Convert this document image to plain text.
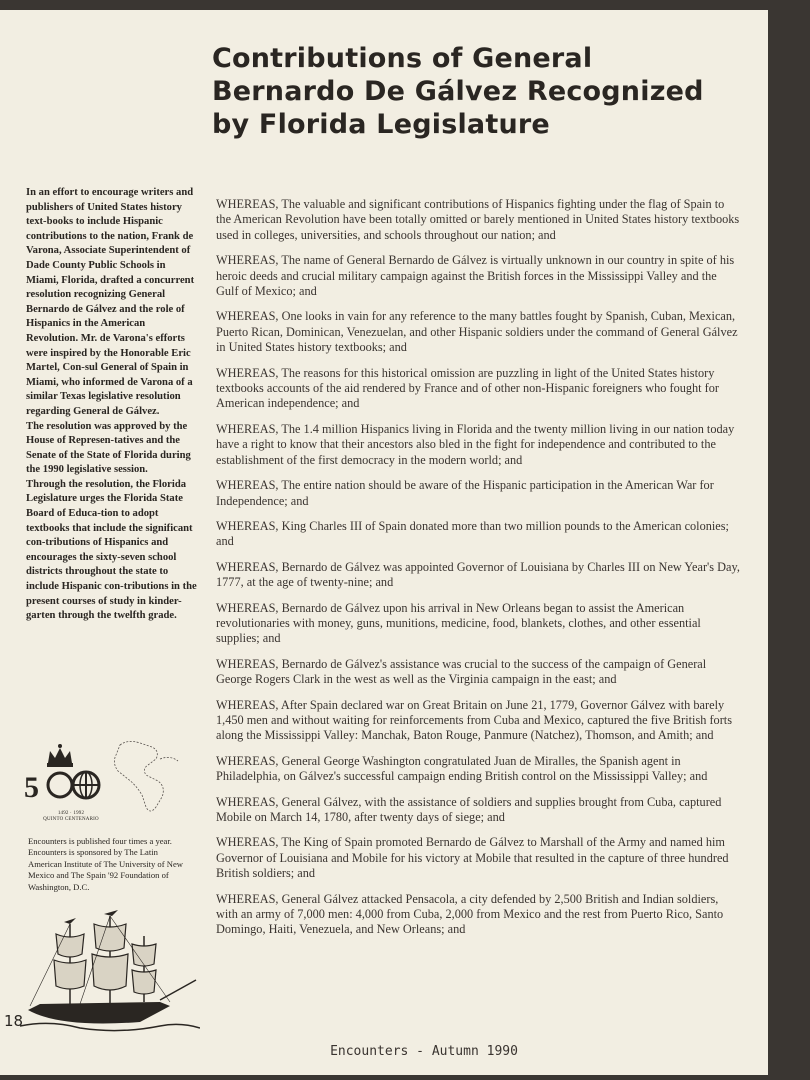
Contributions of General
Bernardo De Gálvez Recognized
by Florida Legislature

In an effort to encourage writers and publishers of United States history text-books to include Hispanic contributions to the nation, Frank de Varona, Associate Superintendent of Dade County Public Schools in Miami, Florida, drafted a concurrent resolution recognizing General Bernardo de Gálvez and the role of Hispanics in the American Revolution. Mr. de Varona's efforts were inspired by the Honorable Eric Martel, Con-sul General of Spain in Miami, who informed de Varona of a similar Texas legislative resolution regarding General de Gálvez.

The resolution was approved by the House of Represen-tatives and the Senate of the State of Florida during the 1990 legislative session.

Through the resolution, the Florida Legislature urges the Florida State Board of Educa-tion to adopt textbooks that include the significant con-tributions of Hispanics and encourages the sixty-seven school districts throughout the state to include Hispanic con-tributions in the present courses of study in kinder-garten through the twelfth grade.

5
1492 · 1992
QUINTO CENTENARIO

Encounters is published four times a year. Encounters is sponsored by The Latin American Institute of The University of New Mexico and The Spain '92 Foundation of Washington, D.C.

18

WHEREAS, The valuable and significant contributions of Hispanics fighting under the flag of Spain to the American Revolution have been totally omitted or barely mentioned in United States history textbooks used in colleges, universities, and schools throughout our nation; and

WHEREAS, The name of General Bernardo de Gálvez is virtually unknown in our country in spite of his heroic deeds and crucial military campaign against the British forces in the Mississippi Valley and the Gulf of Mexico; and

WHEREAS, One looks in vain for any reference to the many battles fought by Spanish, Cuban, Mexican, Puerto Rican, Dominican, Venezuelan, and other Hispanic soldiers under the command of General Gálvez in United States history textbooks; and

WHEREAS, The reasons for this historical omission are puzzling in light of the United States history textbooks accounts of the aid rendered by France and of other non-Hispanic foreigners who fought for American independence; and

WHEREAS, The 1.4 million Hispanics living in Florida and the twenty million living in our nation today have a right to know that their ancestors also bled in the fight for independence and contributed to the establishment of the first democracy in the modern world; and

WHEREAS, The entire nation should be aware of the Hispanic participation in the American War for Independence; and

WHEREAS, King Charles III of Spain donated more than two million pounds to the American colonies; and

WHEREAS, Bernardo de Gálvez was appointed Governor of Louisiana by Charles III on New Year's Day, 1777, at the age of twenty-nine; and

WHEREAS, Bernardo de Gálvez upon his arrival in New Orleans began to assist the American revolutionaries with money, guns, munitions, medicine, food, blankets, clothes, and other essential supplies; and

WHEREAS, Bernardo de Gálvez's assistance was crucial to the success of the campaign of General George Rogers Clark in the west as well as the Virginia campaign in the east; and

WHEREAS, After Spain declared war on Great Britain on June 21, 1779, Governor Gálvez with barely 1,450 men and without waiting for reinforcements from Cuba and Mexico, captured the five British forts along the Mississippi Valley: Manchak, Baton Rouge, Panmure (Natchez), Thomson, and Amith; and

WHEREAS, General George Washington congratulated Juan de Miralles, the Spanish agent in Philadelphia, on Gálvez's successful campaign ending British control on the Mississippi Valley; and

WHEREAS, General Gálvez, with the assistance of soldiers and supplies brought from Cuba, captured Mobile on March 14, 1780, after twenty days of siege; and

WHEREAS, The King of Spain promoted Bernardo de Gálvez to Marshall of the Army and named him Governor of Louisiana and Mobile for his victory at Mobile that resulted in the capture of three hundred British soldiers; and

WHEREAS, General Gálvez attacked Pensacola, a city defended by 2,500 British and Indian soldiers, with an army of 7,000 men: 4,000 from Cuba, 2,000 from Mexico and the rest from Puerto Rico, Santo Domingo, Haiti, Venezuela, and New Orleans; and

Encounters - Autumn 1990
